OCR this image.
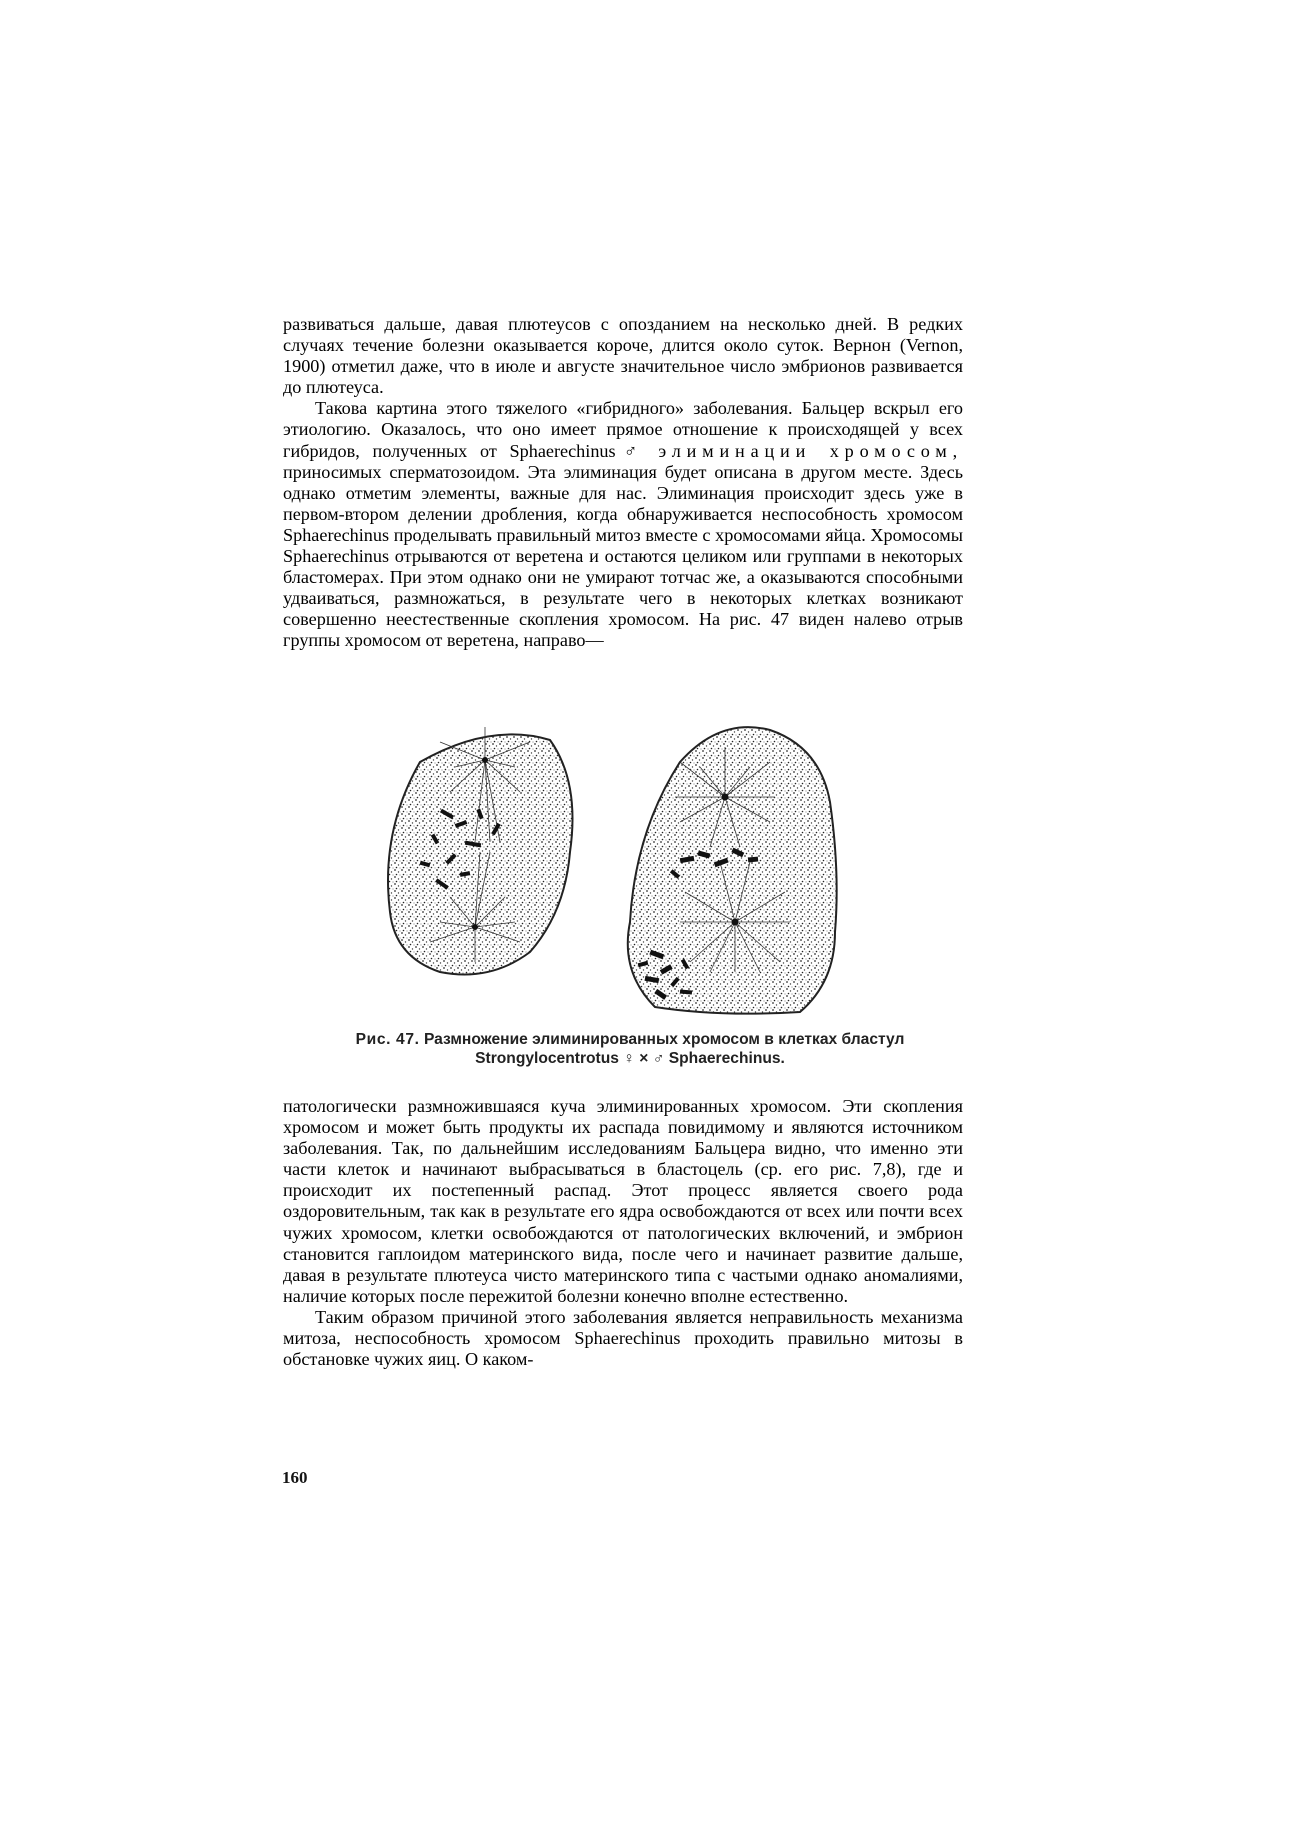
развиваться дальше, давая плютеусов с опозданием на несколько дней. В редких случаях течение болезни оказывается короче, длится около суток. Вернон (Vernon, 1900) отметил даже, что в июле и августе значительное число эмбрионов развивается до плютеуса.

Такова картина этого тяжелого «гибридного» заболевания. Бальцер вскрыл его этиологию. Оказалось, что оно имеет прямое отношение к происходящей у всех гибридов, полученных от Sphaerechinus♂ элиминации хромосом, приносимых сперматозоидом. Эта элиминация будет описана в другом месте. Здесь однако отметим элементы, важные для нас. Элиминация происходит здесь уже в первом-втором делении дробления, когда обнаруживается неспособность хромосом Sphaerechinus проделывать правильный митоз вместе с хромосомами яйца. Хромосомы Sphaerechinus отрываются от веретена и остаются целиком или группами в некоторых бластомерах. При этом однако они не умирают тотчас же, а оказываются способными удваиваться, размножаться, в результате чего в некоторых клетках возникают совершенно неестественные скопления хромосом. На рис. 47 виден налево отрыв группы хромосом от веретена, направо—

Рис. 47. Размножение элиминированных хромосом в клетках бластул Strongylocentrotus ♀ × ♂ Sphaerechinus.

патологически размножившаяся куча элиминированных хромосом. Эти скопления хромосом и может быть продукты их распада повидимому и являются источником заболевания. Так, по дальнейшим исследованиям Бальцера видно, что именно эти части клеток и начинают выбрасываться в бластоцель (ср. его рис. 7,8), где и происходит их постепенный распад. Этот процесс является своего рода оздоровительным, так как в результате его ядра освобождаются от всех или почти всех чужих хромосом, клетки освобождаются от патологических включений, и эмбрион становится гаплоидом материнского вида, после чего и начинает развитие дальше, давая в результате плютеуса чисто материнского типа с частыми однако аномалиями, наличие которых после пережитой болезни конечно вполне естественно.

Таким образом причиной этого заболевания является неправильность механизма митоза, неспособность хромосом Sphaerechinus проходить правильно митозы в обстановке чужих яиц. О каком-

160
